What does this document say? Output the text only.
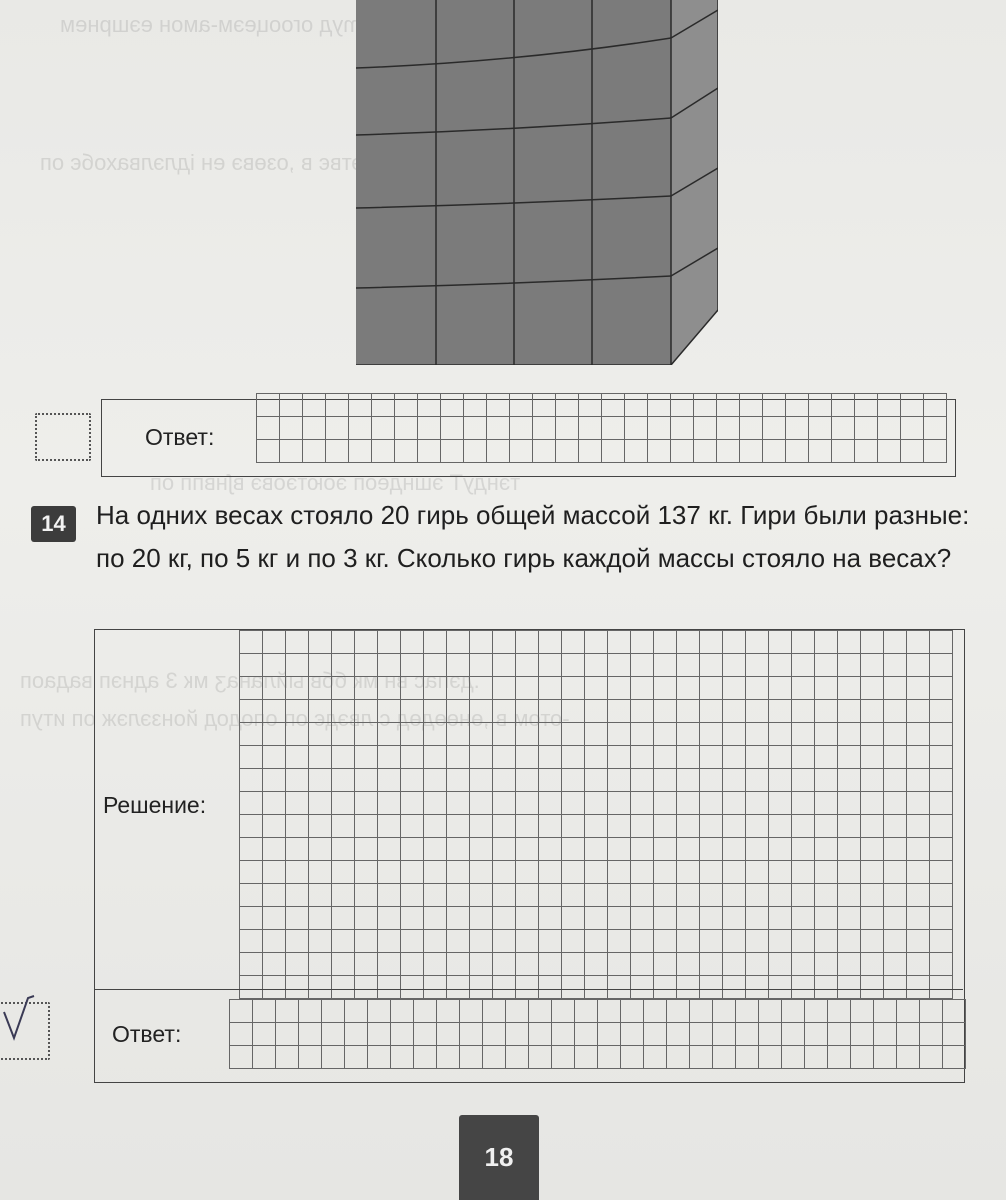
ʃanamyд огооцеэм-амон еэшрнем
ен мэтвє в ,озөвэ ен ідлэлвахобє оп
тэндуТ эшндеоп эоютэовэ вʃнвпп оп
мк 3 аднэп вадаоп
йонзэлэж оп итуп
Ответ:
14	На одних весах стояло 20 гирь общей массой 137 кг. Гири были разные: по 20 кг, по 5 кг и по 3 кг. Сколько гирь каждой массы стояло на весах?

Решение:
Ответ:
18
